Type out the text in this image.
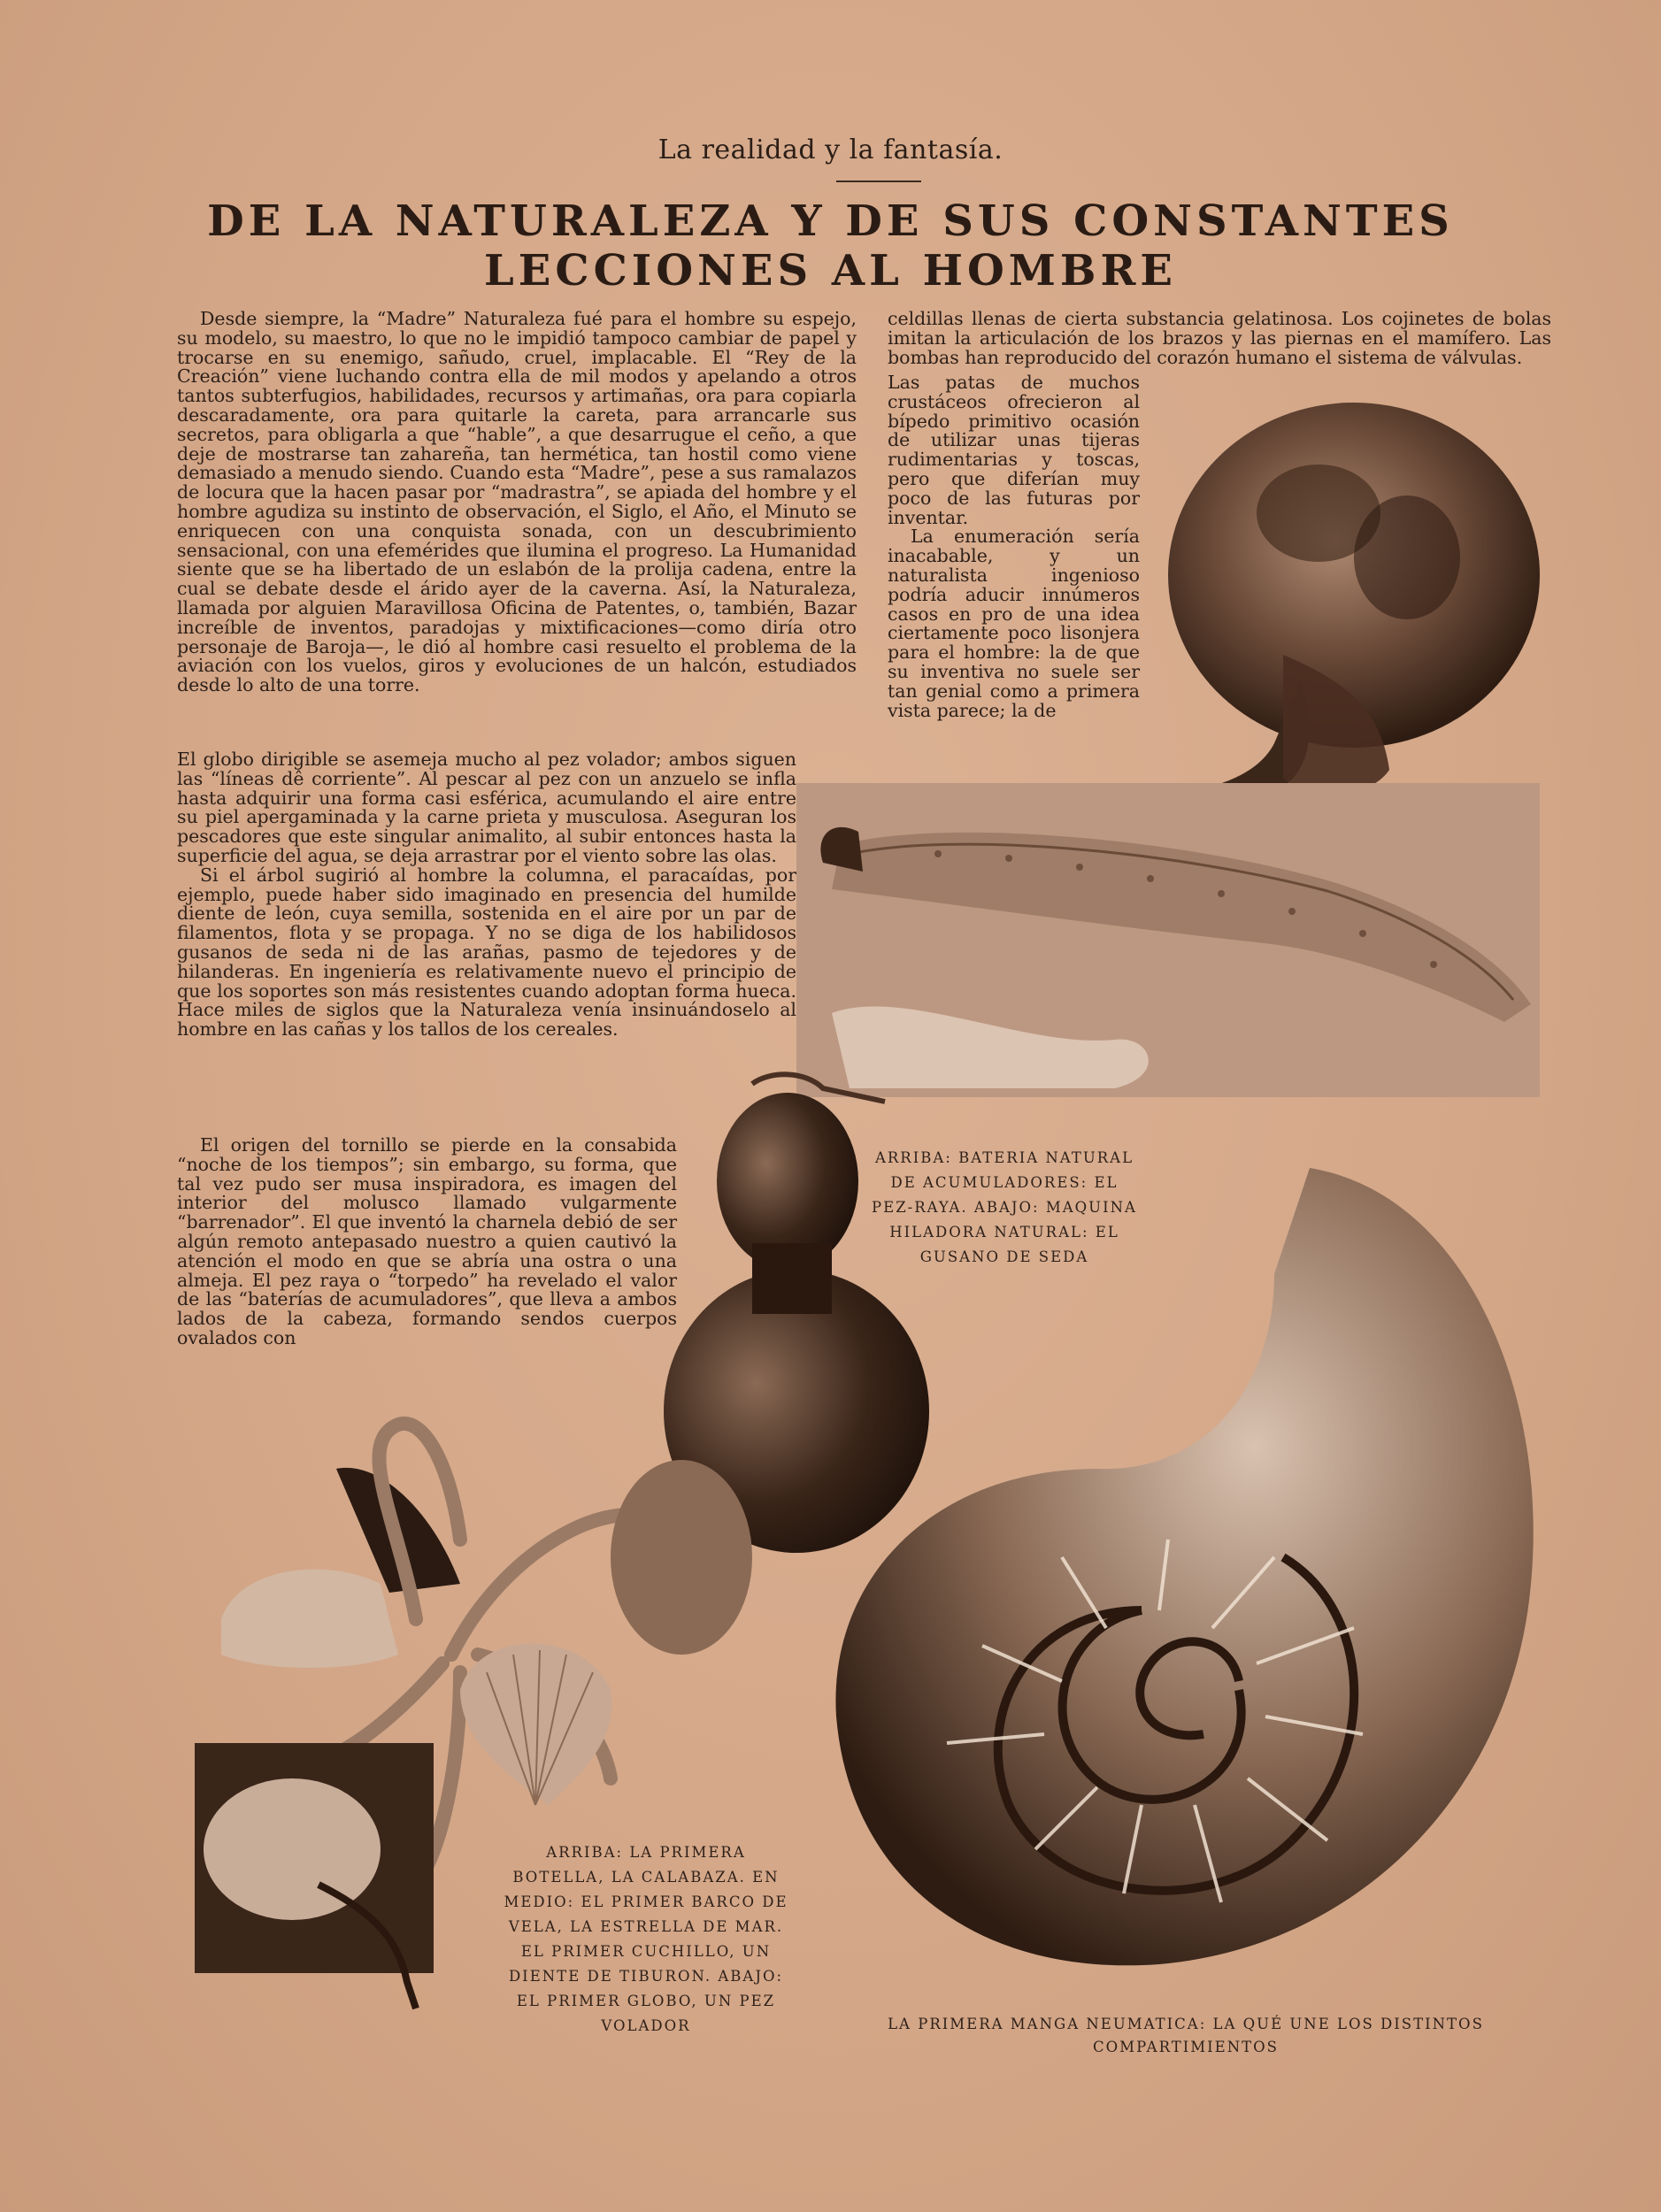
La realidad y la fantasía.
DE LA NATURALEZA Y DE SUS CONSTANTES
LECCIONES AL HOMBRE

Desde siempre, la “Madre” Naturaleza fué para el hombre su espejo, su modelo, su maestro, lo que no le impidió tampoco cambiar de papel y trocarse en su enemigo, sañudo, cruel, implacable. El “Rey de la Creación” viene luchando contra ella de mil modos y apelando a otros tantos subterfugios, habilidades, recursos y artimañas, ora para copiarla descaradamente, ora para quitarle la careta, para arrancarle sus secretos, para obligarla a que “hable”, a que desarrugue el ceño, a que deje de mostrarse tan zahareña, tan hermética, tan hostil como viene demasiado a menudo siendo. Cuando esta “Madre”, pese a sus ramalazos de locura que la hacen pasar por “madrastra”, se apiada del hombre y el hombre agudiza su instinto de observación, el Siglo, el Año, el Minuto se enriquecen con una conquista sonada, con un descubrimiento sensacional, con una efemérides que ilumina el progreso. La Humanidad siente que se ha libertado de un eslabón de la prolija cadena, entre la cual se debate desde el árido ayer de la caverna. Así, la Naturaleza, llamada por alguien Maravillosa Oficina de Patentes, o, también, Bazar increíble de inventos, paradojas y mixtificaciones—como diría otro personaje de Baroja—, le dió al hombre casi resuelto el problema de la aviación con los vuelos, giros y evoluciones de un halcón, estudiados desde lo alto de una torre.

El globo dirigible se asemeja mucho al pez volador; ambos siguen las “líneas dê corriente”. Al pescar al pez con un anzuelo se infla hasta adquirir una forma casi esférica, acumulando el aire entre su piel apergaminada y la carne prieta y musculosa. Aseguran los pescadores que este singular animalito, al subir entonces hasta la superficie del agua, se deja arrastrar por el viento sobre las olas.

Si el árbol sugirió al hombre la columna, el paracaídas, por ejemplo, puede haber sido imaginado en presencia del humilde diente de león, cuya semilla, sostenida en el aire por un par de filamentos, flota y se propaga. Y no se diga de los habilidosos gusanos de seda ni de las arañas, pasmo de tejedores y de hilanderas. En ingeniería es relativamente nuevo el principio de que los soportes son más resistentes cuando adoptan forma hueca. Hace miles de siglos que la Naturaleza venía insinuándoselo al hombre en las cañas y los tallos de los cereales.

El origen del tornillo se pierde en la consabida “noche de los tiempos”; sin embargo, su forma, que tal vez pudo ser musa inspiradora, es imagen del interior del molusco llamado vulgarmente “barrenador”. El que inventó la charnela debió de ser algún remoto antepasado nuestro a quien cautivó la atención el modo en que se abría una ostra o una almeja. El pez raya o “torpedo” ha revelado el valor de las “baterías de acumuladores”, que lleva a ambos lados de la cabeza, formando sendos cuerpos ovalados con

celdillas llenas de cierta substancia gelatinosa. Los cojinetes de bolas imitan la articulación de los brazos y las piernas en el mamífero. Las bombas han reproducido del corazón humano el sistema de válvulas.

Las patas de muchos crustáceos ofrecieron al bípedo primitivo ocasión de utilizar unas tijeras rudimentarias y toscas, pero que diferían muy poco de las futuras por inventar.

La enumeración sería inacabable, y un naturalista ingenioso podría aducir innúmeros casos en pro de una idea ciertamente poco lisonjera para el hombre: la de que su inventiva no suele ser tan genial como a primera vista parece; la de

ARRIBA: BATERIA NATURAL DE ACUMULADORES: EL PEZ-RAYA. ABAJO: MAQUINA HILADORA NATURAL: EL GUSANO DE SEDA
ARRIBA: LA PRIMERA BOTELLA, LA CALABAZA. EN MEDIO: EL PRIMER BARCO DE VELA, LA ESTRELLA DE MAR. EL PRIMER CUCHILLO, UN DIENTE DE TIBURON. ABAJO: EL PRIMER GLOBO, UN PEZ VOLADOR	LA PRIMERA MANGA NEUMATICA: LA QUÉ UNE LOS DISTINTOS COMPARTIMIENTOS
